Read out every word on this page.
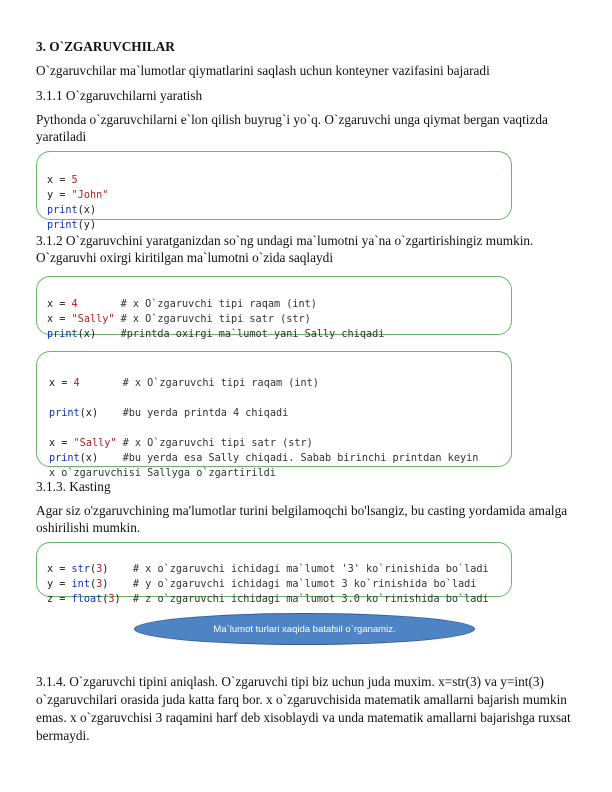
3. O`ZGARUVCHILAR
O`zgaruvchilar ma`lumotlar qiymatlarini saqlash uchun konteyner vazifasini bajaradi
3.1.1 O`zgaruvchilarni yaratish
Pythonda o`zgaruvchilarni e`lon qilish buyrug`i yo`q. O`zgaruvchi unga qiymat bergan vaqtizda yaratiladi

x = 5
y = "John"
print(x)
print(y)
3.1.2 O`zgaruvchini yaratganizdan so`ng undagi ma`lumotni ya`na o`zgartirishingiz mumkin. O`zgaruvhi oxirgi kiritilgan ma`lumotni o`zida saqlaydi

x = 4       # x O`zgaruvchi tipi raqam (int)
x = "Sally" # x O`zgaruvchi tipi satr (str)
print(x)    #printda oxirgi ma`lumot yani Sally chiqadi

x = 4       # x O`zgaruvchi tipi raqam (int)

print(x)    #bu yerda printda 4 chiqadi

x = "Sally" # x O`zgaruvchi tipi satr (str)
print(x)    #bu yerda esa Sally chiqadi. Sabab birinchi printdan keyin
x o`zgaruvchisi Sallyga o`zgartirildi
3.1.3. Kasting
Agar siz o'zgaruvchining ma'lumotlar turini belgilamoqchi bo'lsangiz, bu casting yordamida amalga oshirilishi mumkin.

x = str(3)    # x o`zgaruvchi ichidagi ma`lumot '3' ko`rinishida bo`ladi
y = int(3)    # y o`zgaruvchi ichidagi ma`lumot 3 ko`rinishida bo`ladi
z = float(3)  # z o`zgaruvchi ichidagi ma`lumot 3.0 ko`rinishida bo`ladi
Ma`lumot turlari xaqida batafsil o`rganamiz.
3.1.4. O`zgaruvchi tipini aniqlash. O`zgaruvchi tipi biz uchun juda muxim. x=str(3) va y=int(3) o`zgaruvchilari orasida juda katta farq bor. x o`zgaruvchisida matematik amallarni bajarish mumkin emas. x o`zgaruvchisi 3 raqamini harf deb xisoblaydi va unda matematik amallarni bajarishga ruxsat bermaydi.
